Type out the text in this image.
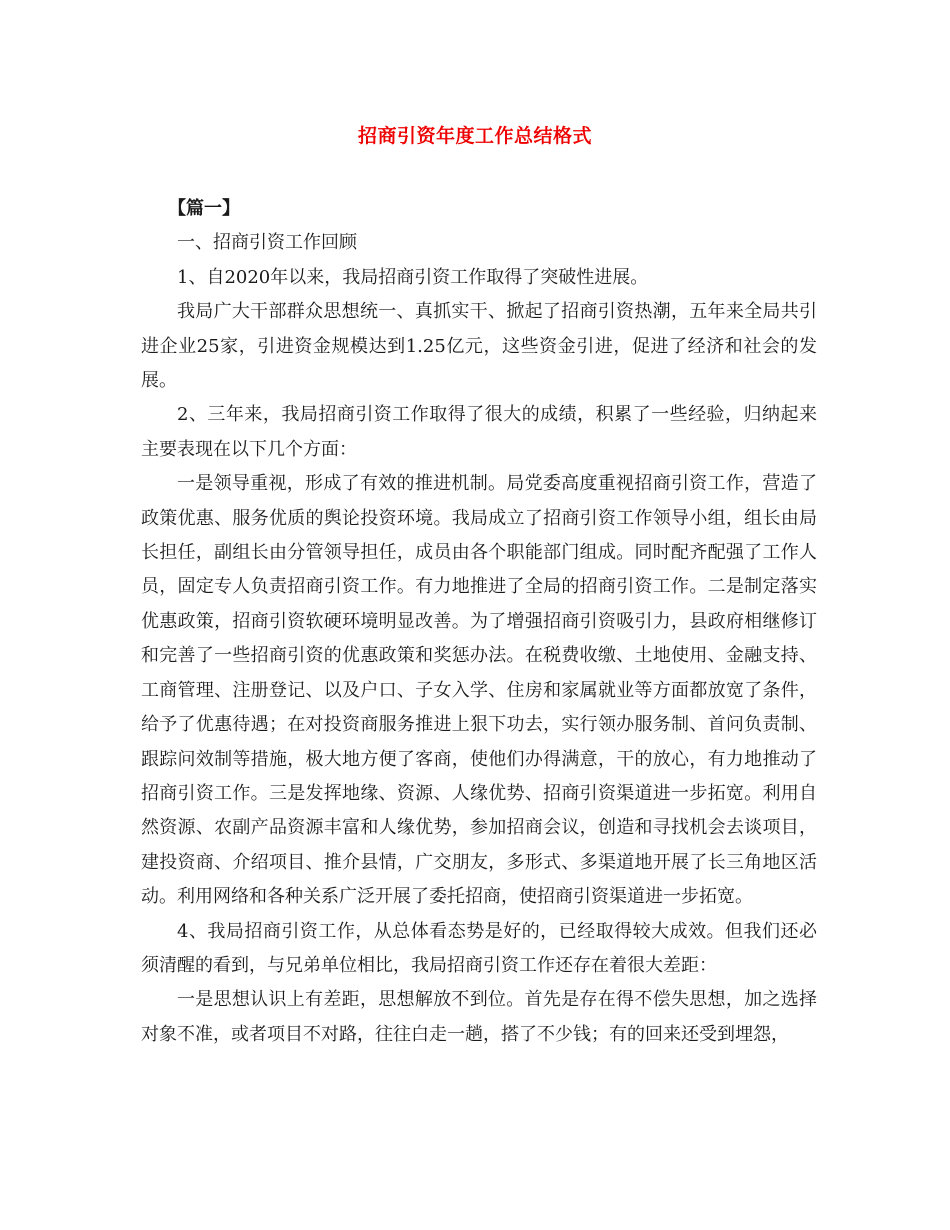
招商引资年度工作总结格式

【篇一】

一、招商引资工作回顾

1、自2020年以来，我局招商引资工作取得了突破性进展。

我局广大干部群众思想统一、真抓实干、掀起了招商引资热潮，五年来全局共引进企业25家，引进资金规模达到1.25亿元，这些资金引进，促进了经济和社会的发展。

2、三年来，我局招商引资工作取得了很大的成绩，积累了一些经验，归纳起来主要表现在以下几个方面：

一是领导重视，形成了有效的推进机制。局党委高度重视招商引资工作，营造了政策优惠、服务优质的舆论投资环境。我局成立了招商引资工作领导小组，组长由局长担任，副组长由分管领导担任，成员由各个职能部门组成。同时配齐配强了工作人员，固定专人负责招商引资工作。有力地推进了全局的招商引资工作。二是制定落实优惠政策，招商引资软硬环境明显改善。为了增强招商引资吸引力，县政府相继修订和完善了一些招商引资的优惠政策和奖惩办法。在税费收缴、土地使用、金融支持、工商管理、注册登记、以及户口、子女入学、住房和家属就业等方面都放宽了条件，给予了优惠待遇；在对投资商服务推进上狠下功去，实行领办服务制、首问负责制、跟踪问效制等措施，极大地方便了客商，使他们办得满意，干的放心，有力地推动了招商引资工作。三是发挥地缘、资源、人缘优势、招商引资渠道进一步拓宽。利用自然资源、农副产品资源丰富和人缘优势，参加招商会议，创造和寻找机会去谈项目，建投资商、介绍项目、推介县情，广交朋友，多形式、多渠道地开展了长三角地区活动。利用网络和各种关系广泛开展了委托招商，使招商引资渠道进一步拓宽。

4、我局招商引资工作，从总体看态势是好的，已经取得较大成效。但我们还必须清醒的看到，与兄弟单位相比，我局招商引资工作还存在着很大差距：

一是思想认识上有差距，思想解放不到位。首先是存在得不偿失思想，加之选择对象不准，或者项目不对路，往往白走一趟，搭了不少钱；有的回来还受到埋怨，
